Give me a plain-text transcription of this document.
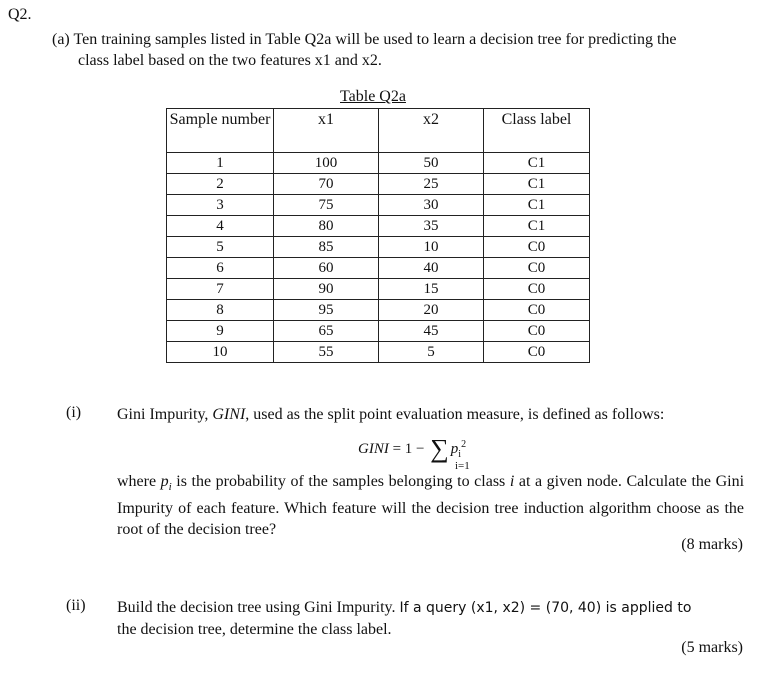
Q2.
(a) Ten training samples listed in Table Q2a will be used to learn a decision tree for predicting the
class label based on the two features x1 and x2.
Table Q2a
Sample number	x1	x2	Class label
1	100	50	C1
2	70	25	C1
3	75	30	C1
4	80	35	C1
5	85	10	C0
6	60	40	C0
7	90	15	C0
8	95	20	C0
9	65	45	C0
10	55	5	C0
(i) Gini Impurity, GINI, used as the split point evaluation measure, is defined as follows:
GINI = 1 − ∑ $p_i^2$
i=1
where $p_i$ is the probability of the samples belonging to class i at a given node. Calculate the Gini Impurity of each feature. Which feature will the decision tree induction algorithm choose as the root of the decision tree?
(8 marks)
(ii) Build the decision tree using Gini Impurity. If a query (x1, x2) = (70, 40) is applied to
the decision tree, determine the class label.
(5 marks)
